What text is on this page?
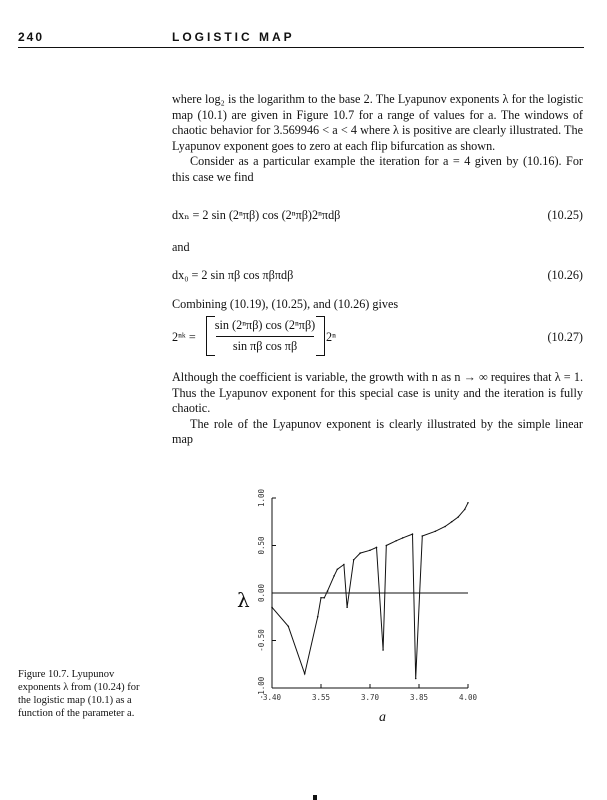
240	LOGISTIC MAP

where log₂ is the logarithm to the base 2. The Lyapunov exponents λ for the logistic map (10.1) are given in Figure 10.7 for a range of values for a. The windows of chaotic behavior for 3.569946 < a < 4 where λ is positive are clearly illustrated. The Lyapunov exponent goes to zero at each flip bifurcation as shown.

Consider as a particular example the iteration for a = 4 given by (10.16). For this case we find

dxₙ = 2 sin (2ⁿπβ) cos (2ⁿπβ)2ⁿπdβ	(10.25)
and
dx₀ = 2 sin πβ cos πβπdβ	(10.26)
Combining (10.19), (10.25), and (10.26) gives
2ⁿᵏ =
sin (2ⁿπβ) cos (2ⁿπβ)
sin πβ cos πβ
2ⁿ	(10.27)

Although the coefficient is variable, the growth with n as n → ∞ requires that λ = 1. Thus the Lyapunov exponent for this special case is unity and the iteration is fully chaotic.

The role of the Lyapunov exponent is clearly illustrated by the simple linear map

3.40	3.55	3.70	3.85	4.00
-1.00
-0.50
0.00
0.50
1.00
λ
a
Figure 10.7. Lyupunov exponents λ from (10.24) for the logistic map (10.1) as a function of the parameter a.
